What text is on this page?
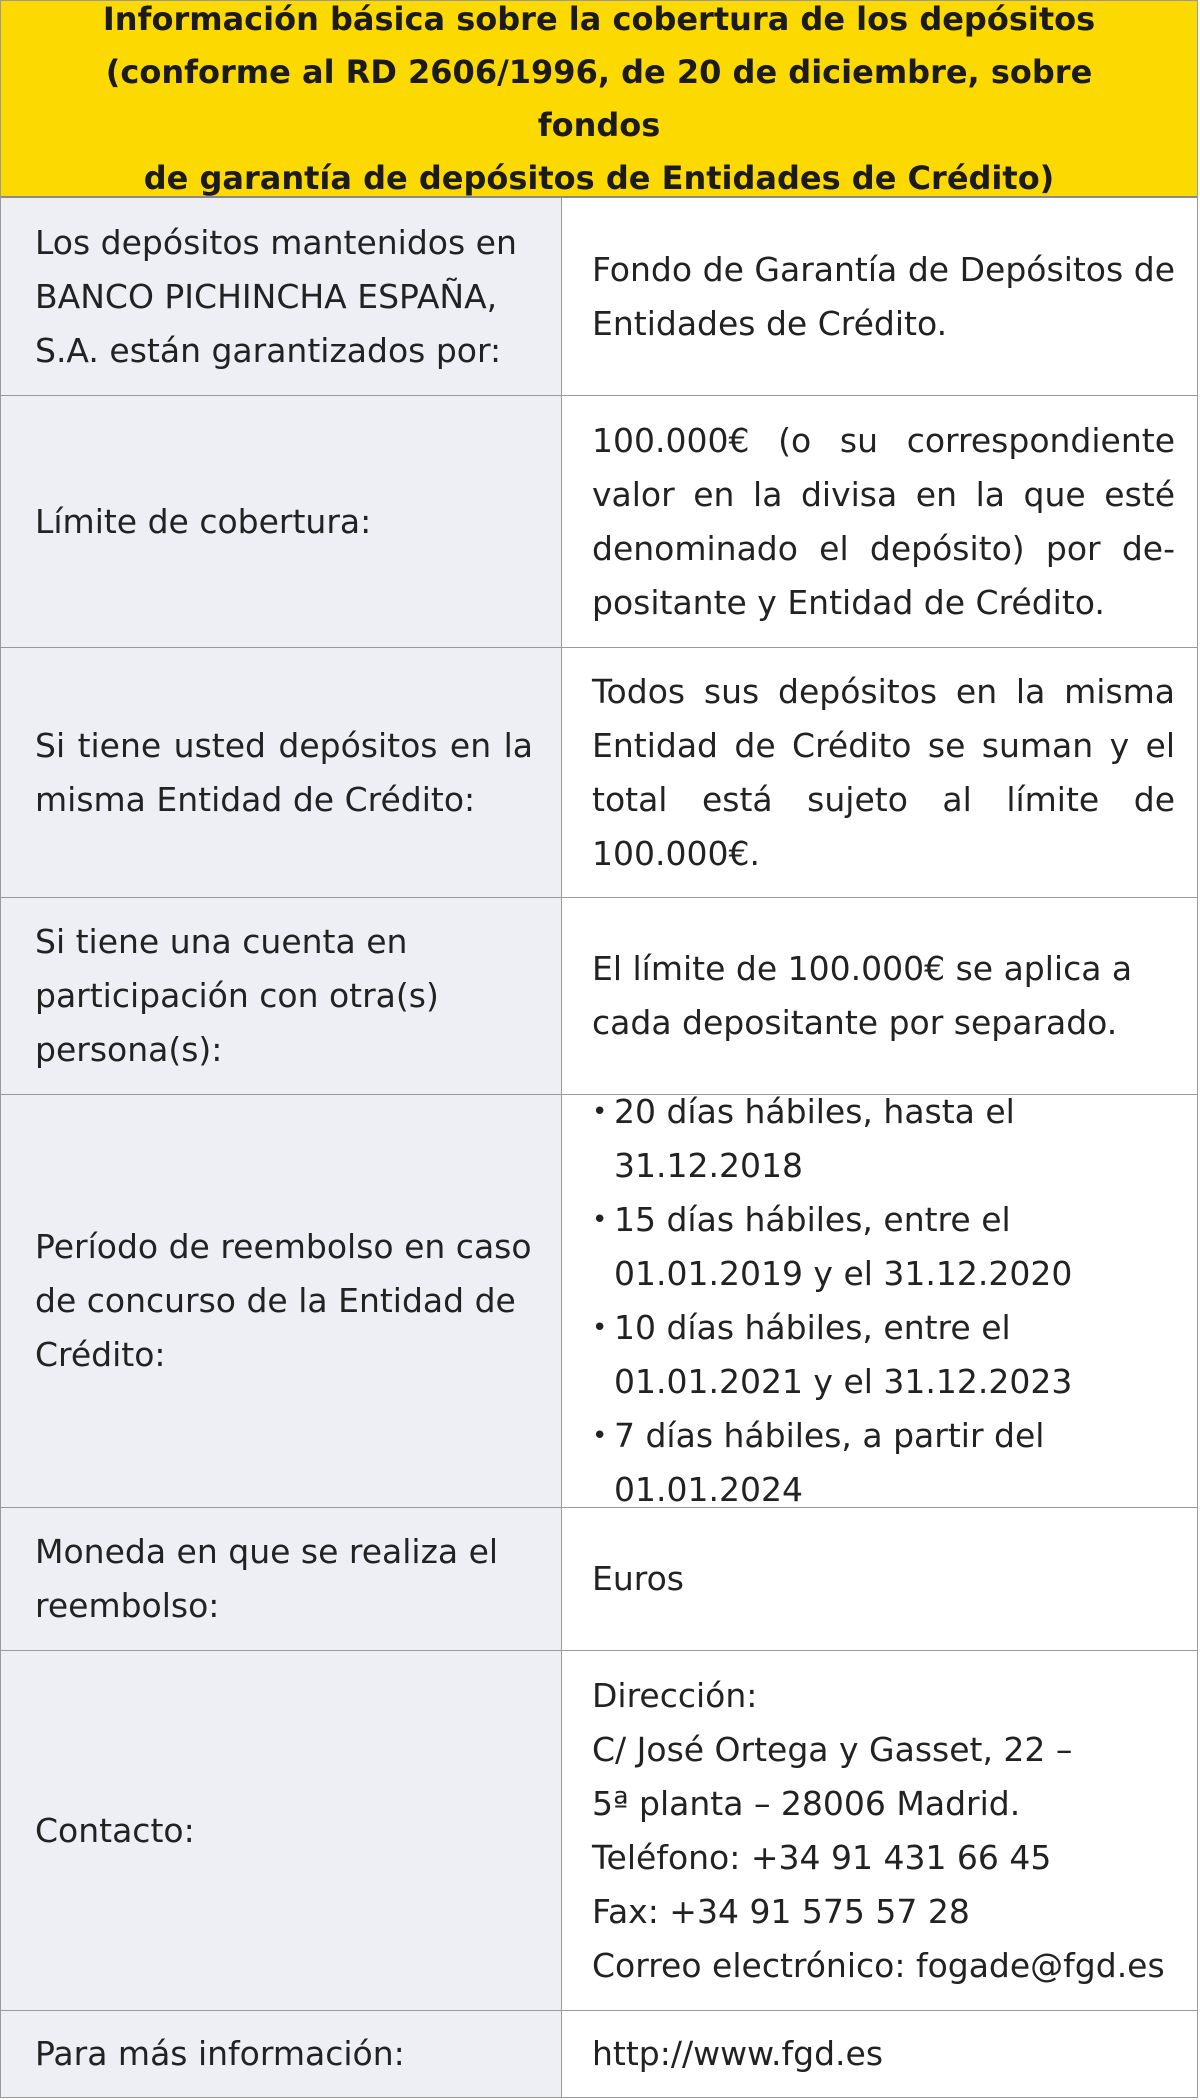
Información básica sobre la cobertura de los depósitos
(conforme al RD 2606/1996, de 20 de diciembre, sobre fondos
de garantía de depósitos de Entidades de Crédito)
Los depósitos mantenidos en BANCO PICHINCHA ESPAÑA, S.A. están garantizados por:
Fondo de Garantía de Depósitos de Entidades de Crédito.
Límite de cobertura:
100.000€ (o su correspondiente valor en la divisa en la que esté denominado el depósito) por depositante y Entidad de Crédito.
Si tiene usted depósitos en la misma Entidad de Crédito:
Todos sus depósitos en la misma Entidad de Crédito se suman y el total está sujeto al límite de 100.000€.
Si tiene una cuenta en participación con otra(s) persona(s):
El límite de 100.000€ se aplica a cada depositante por separado.
Período de reembolso en caso de concurso de la Entidad de Crédito:
• 20 días hábiles, hasta el 31.12.2018
• 15 días hábiles, entre el 01.01.2019 y el 31.12.2020
• 10 días hábiles, entre el 01.01.2021 y el 31.12.2023
• 7 días hábiles, a partir del 01.01.2024
Moneda en que se realiza el reembolso:
Euros
Contacto:
Dirección:
C/ José Ortega y Gasset, 22 –
5ª planta – 28006 Madrid.
Teléfono: +34 91 431 66 45
Fax: +34 91 575 57 28
Correo electrónico: fogade@fgd.es
Para más información:	http://www.fgd.es
